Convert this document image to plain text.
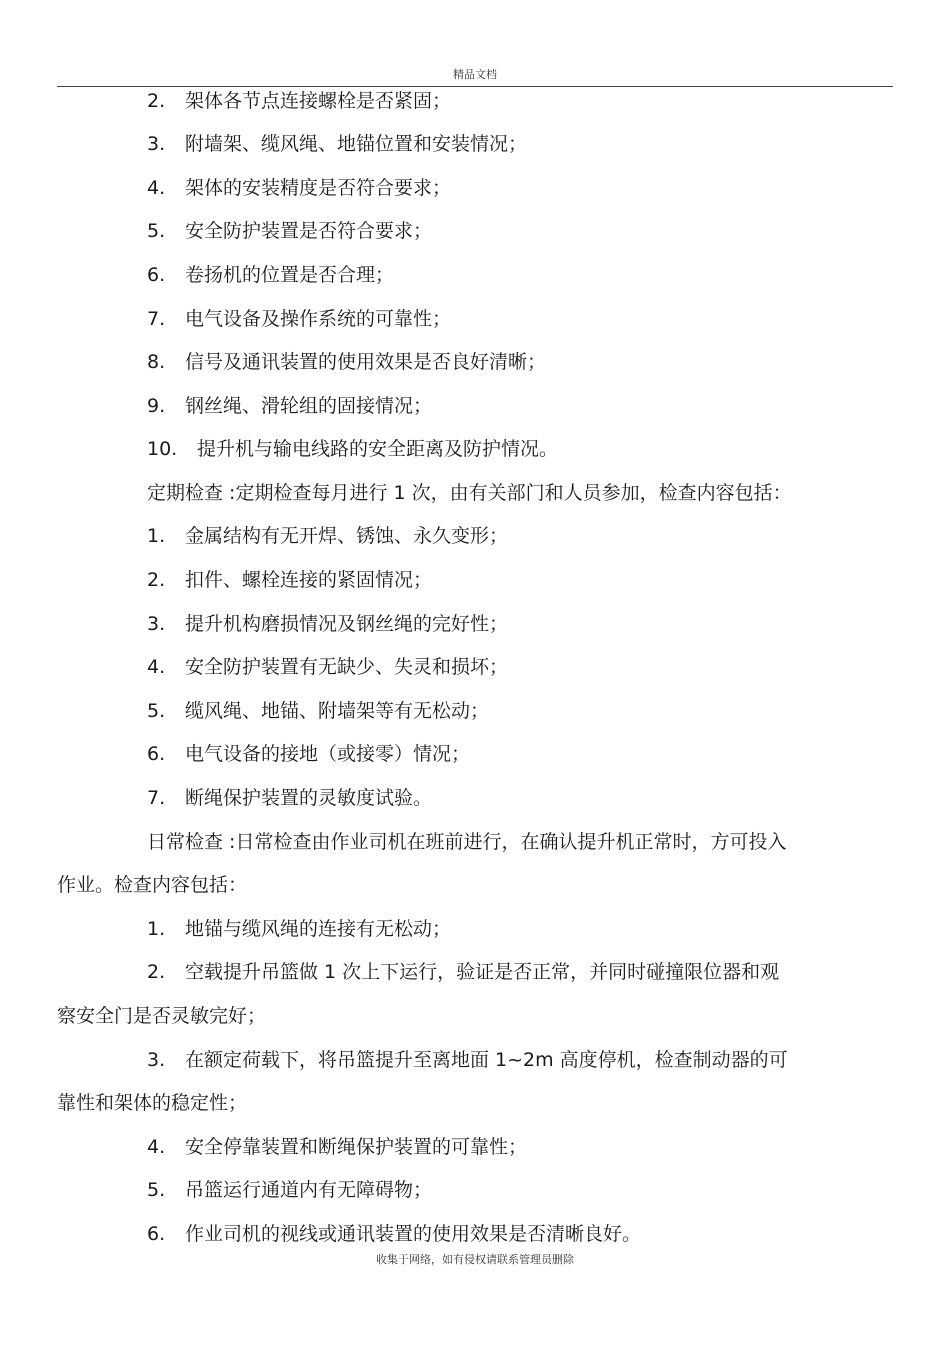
精品文档
2. 架体各节点连接螺栓是否紧固；
3. 附墙架、缆风绳、地锚位置和安装情况；
4. 架体的安装精度是否符合要求；
5. 安全防护装置是否符合要求；
6. 卷扬机的位置是否合理；
7. 电气设备及操作系统的可靠性；
8. 信号及通讯装置的使用效果是否良好清晰；
9. 钢丝绳、滑轮组的固接情况；
10. 提升机与输电线路的安全距离及防护情况。
定期检查 :定期检查每月进行 1 次，由有关部门和人员参加，检查内容包括：
1. 金属结构有无开焊、锈蚀、永久变形；
2. 扣件、螺栓连接的紧固情况；
3. 提升机构磨损情况及钢丝绳的完好性；
4. 安全防护装置有无缺少、失灵和损坏；
5. 缆风绳、地锚、附墙架等有无松动；
6. 电气设备的接地（或接零）情况；
7. 断绳保护装置的灵敏度试验。
日常检查 :日常检查由作业司机在班前进行，在确认提升机正常时，方可投入
作业。检查内容包括：
1. 地锚与缆风绳的连接有无松动；
2. 空载提升吊篮做 1 次上下运行，验证是否正常，并同时碰撞限位器和观
察安全门是否灵敏完好；
3. 在额定荷载下，将吊篮提升至离地面 1~2m 高度停机，检查制动器的可
靠性和架体的稳定性；
4. 安全停靠装置和断绳保护装置的可靠性；
5. 吊篮运行通道内有无障碍物；
6. 作业司机的视线或通讯装置的使用效果是否清晰良好。
收集于网络，如有侵权请联系管理员删除
